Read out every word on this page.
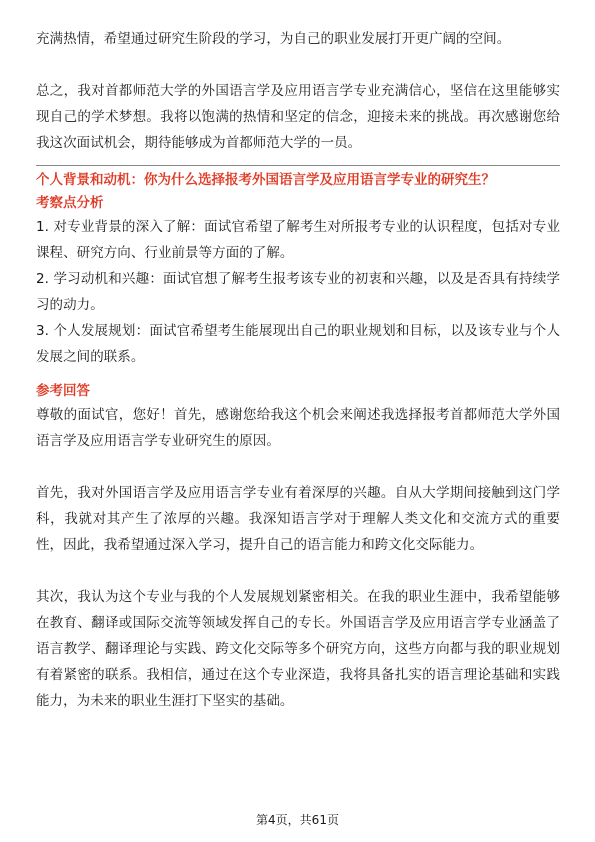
充满热情，希望通过研究生阶段的学习，为自己的职业发展打开更广阔的空间。

总之，我对首都师范大学的外国语言学及应用语言学专业充满信心，坚信在这里能够实现自己的学术梦想。我将以饱满的热情和坚定的信念，迎接未来的挑战。再次感谢您给我这次面试机会，期待能够成为首都师范大学的一员。

个人背景和动机：你为什么选择报考外国语言学及应用语言学专业的研究生？
考察点分析

1. 对专业背景的深入了解：面试官希望了解考生对所报考专业的认识程度，包括对专业课程、研究方向、行业前景等方面的了解。

2. 学习动机和兴趣：面试官想了解考生报考该专业的初衷和兴趣，以及是否具有持续学习的动力。

3. 个人发展规划：面试官希望考生能展现出自己的职业规划和目标，以及该专业与个人发展之间的联系。

参考回答

尊敬的面试官，您好！首先，感谢您给我这个机会来阐述我选择报考首都师范大学外国语言学及应用语言学专业研究生的原因。

首先，我对外国语言学及应用语言学专业有着深厚的兴趣。自从大学期间接触到这门学科，我就对其产生了浓厚的兴趣。我深知语言学对于理解人类文化和交流方式的重要性，因此，我希望通过深入学习，提升自己的语言能力和跨文化交际能力。

其次，我认为这个专业与我的个人发展规划紧密相关。在我的职业生涯中，我希望能够在教育、翻译或国际交流等领域发挥自己的专长。外国语言学及应用语言学专业涵盖了语言教学、翻译理论与实践、跨文化交际等多个研究方向，这些方向都与我的职业规划有着紧密的联系。我相信，通过在这个专业深造，我将具备扎实的语言理论基础和实践能力，为未来的职业生涯打下坚实的基础。

第4页，共61页
